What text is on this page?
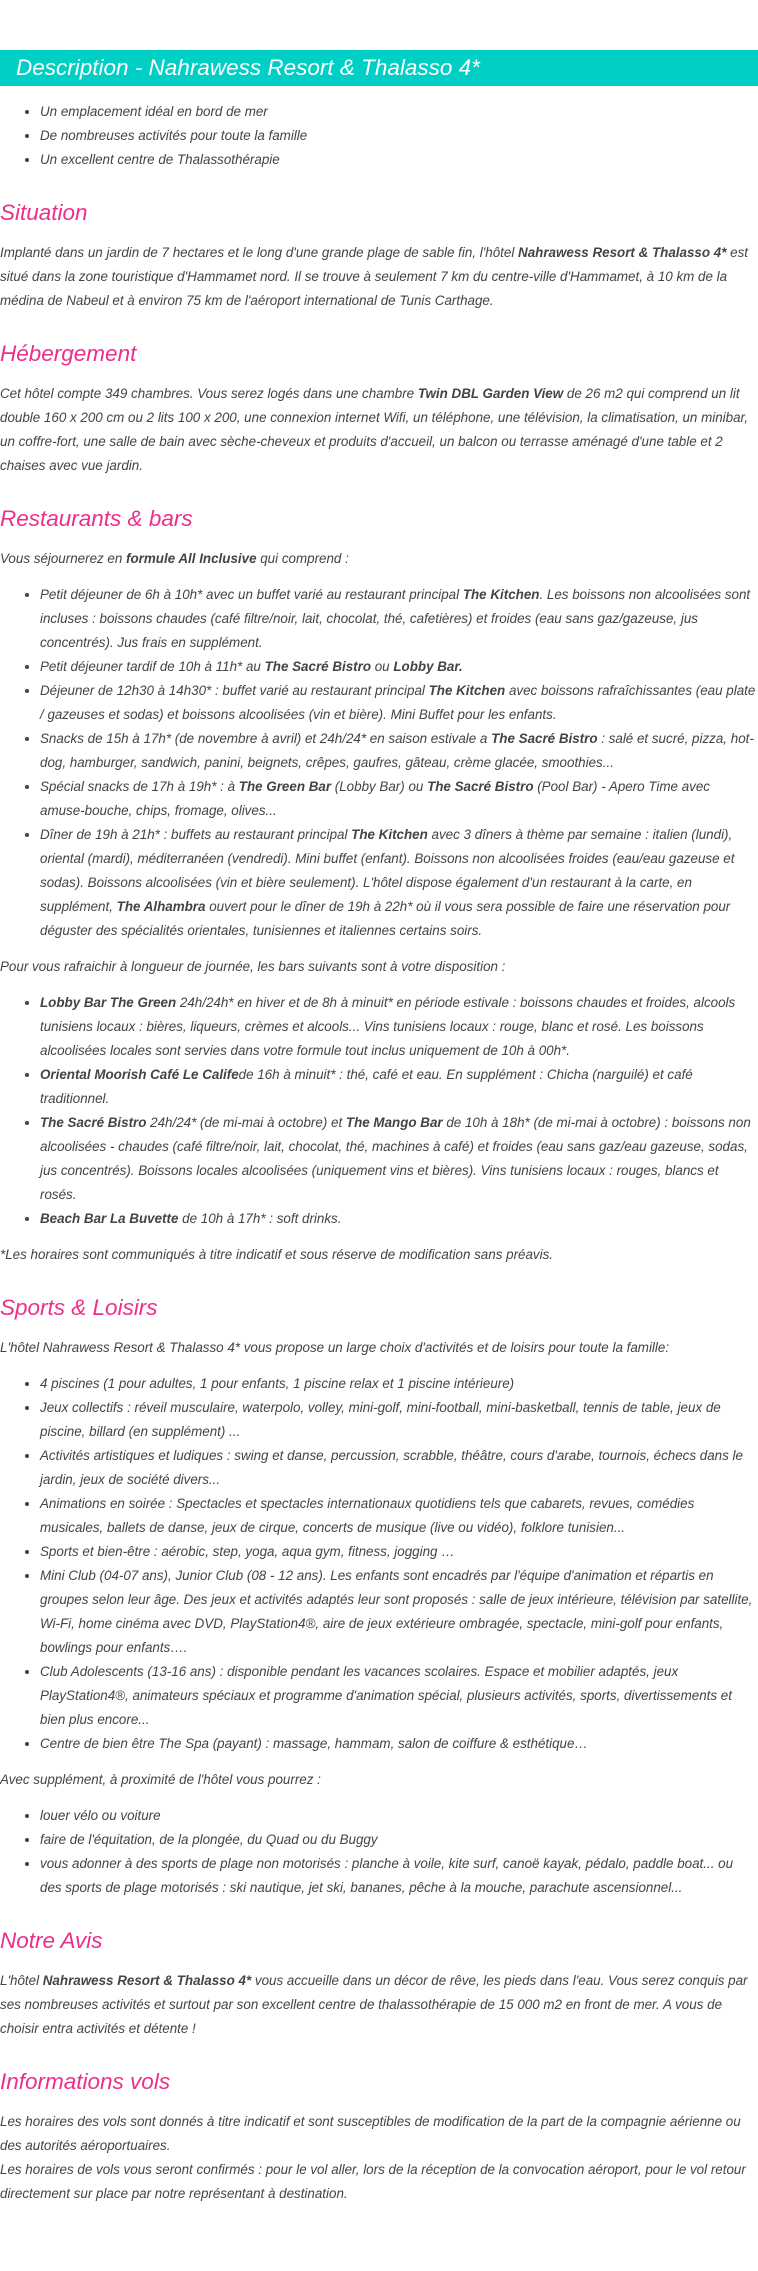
Description - Nahrawess Resort & Thalasso 4*
• Un emplacement idéal en bord de mer
• De nombreuses activités pour toute la famille
• Un excellent centre de Thalassothérapie
Situation

Implanté dans un jardin de 7 hectares et le long d'une grande plage de sable fin, l'hôtel Nahrawess Resort & Thalasso 4* est situé dans la zone touristique d'Hammamet nord. Il se trouve à seulement 7 km du centre-ville d'Hammamet, à 10 km de la médina de Nabeul et à environ 75 km de l'aéroport international de Tunis Carthage.

Hébergement

Cet hôtel compte 349 chambres. Vous serez logés dans une chambre Twin DBL Garden View de 26 m2 qui comprend un lit double 160 x 200 cm ou 2 lits 100 x 200, une connexion internet Wifi, un téléphone, une télévision, la climatisation, un minibar, un coffre-fort, une salle de bain avec sèche-cheveux et produits d'accueil, un balcon ou terrasse aménagé d'une table et 2 chaises avec vue jardin.

Restaurants & bars

Vous séjournerez en formule All Inclusive qui comprend :

• Petit déjeuner de 6h à 10h* avec un buffet varié au restaurant principal The Kitchen. Les boissons non alcoolisées sont incluses : boissons chaudes (café filtre/noir, lait, chocolat, thé, cafetières) et froides (eau sans gaz/gazeuse, jus concentrés). Jus frais en supplément.
• Petit déjeuner tardif de 10h à 11h* au The Sacré Bistro ou Lobby Bar.
• Déjeuner de 12h30 à 14h30* : buffet varié au restaurant principal The Kitchen avec boissons rafraîchissantes (eau plate / gazeuses et sodas) et boissons alcoolisées (vin et bière). Mini Buffet pour les enfants.
• Snacks de 15h à 17h* (de novembre à avril) et 24h/24* en saison estivale a The Sacré Bistro : salé et sucré, pizza, hot-dog, hamburger, sandwich, panini, beignets, crêpes, gaufres, gâteau, crème glacée, smoothies...
• Spécial snacks de 17h à 19h* : à The Green Bar (Lobby Bar) ou The Sacré Bistro (Pool Bar) - Apero Time avec amuse-bouche, chips, fromage, olives...
• Dîner de 19h à 21h* : buffets au restaurant principal The Kitchen avec 3 dîners à thème par semaine : italien (lundi), oriental (mardi), méditerranéen (vendredi). Mini buffet (enfant). Boissons non alcoolisées froides (eau/eau gazeuse et sodas). Boissons alcoolisées (vin et bière seulement). L'hôtel dispose également d'un restaurant à la carte, en supplément, The Alhambra ouvert pour le dîner de 19h à 22h* où il vous sera possible de faire une réservation pour déguster des spécialités orientales, tunisiennes et italiennes certains soirs.

Pour vous rafraichir à longueur de journée, les bars suivants sont à votre disposition :

• Lobby Bar The Green 24h/24h* en hiver et de 8h à minuit* en période estivale : boissons chaudes et froides, alcools tunisiens locaux : bières, liqueurs, crèmes et alcools... Vins tunisiens locaux : rouge, blanc et rosé. Les boissons alcoolisées locales sont servies dans votre formule tout inclus uniquement de 10h à 00h*.
• Oriental Moorish Café Le Califede 16h à minuit* : thé, café et eau. En supplément : Chicha (narguilé) et café traditionnel.
• The Sacré Bistro 24h/24* (de mi-mai à octobre) et The Mango Bar de 10h à 18h* (de mi-mai à octobre) : boissons non alcoolisées - chaudes (café filtre/noir, lait, chocolat, thé, machines à café) et froides (eau sans gaz/eau gazeuse, sodas, jus concentrés). Boissons locales alcoolisées (uniquement vins et bières). Vins tunisiens locaux : rouges, blancs et rosés.
• Beach Bar La Buvette de 10h à 17h* : soft drinks.

*Les horaires sont communiqués à titre indicatif et sous réserve de modification sans préavis.

Sports & Loisirs

L'hôtel Nahrawess Resort & Thalasso 4* vous propose un large choix d'activités et de loisirs pour toute la famille:

• 4 piscines (1 pour adultes, 1 pour enfants, 1 piscine relax et 1 piscine intérieure)
• Jeux collectifs : réveil musculaire, waterpolo, volley, mini-golf, mini-football, mini-basketball, tennis de table, jeux de piscine, billard (en supplément) ...
• Activités artistiques et ludiques : swing et danse, percussion, scrabble, théâtre, cours d'arabe, tournois, échecs dans le jardin, jeux de société divers...
• Animations en soirée : Spectacles et spectacles internationaux quotidiens tels que cabarets, revues, comédies musicales, ballets de danse, jeux de cirque, concerts de musique (live ou vidéo), folklore tunisien...
• Sports et bien-être : aérobic, step, yoga, aqua gym, fitness, jogging …
• Mini Club (04-07 ans), Junior Club (08 - 12 ans). Les enfants sont encadrés par l'équipe d'animation et répartis en groupes selon leur âge. Des jeux et activités adaptés leur sont proposés : salle de jeux intérieure, télévision par satellite, Wi-Fi, home cinéma avec DVD, PlayStation4®, aire de jeux extérieure ombragée, spectacle, mini-golf pour enfants, bowlings pour enfants….
• Club Adolescents (13-16 ans) : disponible pendant les vacances scolaires. Espace et mobilier adaptés, jeux PlayStation4®, animateurs spéciaux et programme d'animation spécial, plusieurs activités, sports, divertissements et bien plus encore...
• Centre de bien être The Spa (payant) : massage, hammam, salon de coiffure & esthétique…

Avec supplément, à proximité de l'hôtel vous pourrez :

• louer vélo ou voiture
• faire de l'équitation, de la plongée, du Quad ou du Buggy
• vous adonner à des sports de plage non motorisés : planche à voile, kite surf, canoë kayak, pédalo, paddle boat... ou des sports de plage motorisés : ski nautique, jet ski, bananes, pêche à la mouche, parachute ascensionnel...
Notre Avis

L'hôtel Nahrawess Resort & Thalasso 4* vous accueille dans un décor de rêve, les pieds dans l'eau. Vous serez conquis par ses nombreuses activités et surtout par son excellent centre de thalassothérapie de 15 000 m2 en front de mer. A vous de choisir entra activités et détente !

Informations vols

Les horaires des vols sont donnés à titre indicatif et sont susceptibles de modification de la part de la compagnie aérienne ou des autorités aéroportuaires.
Les horaires de vols vous seront confirmés : pour le vol aller, lors de la réception de la convocation aéroport, pour le vol retour directement sur place par notre représentant à destination.
